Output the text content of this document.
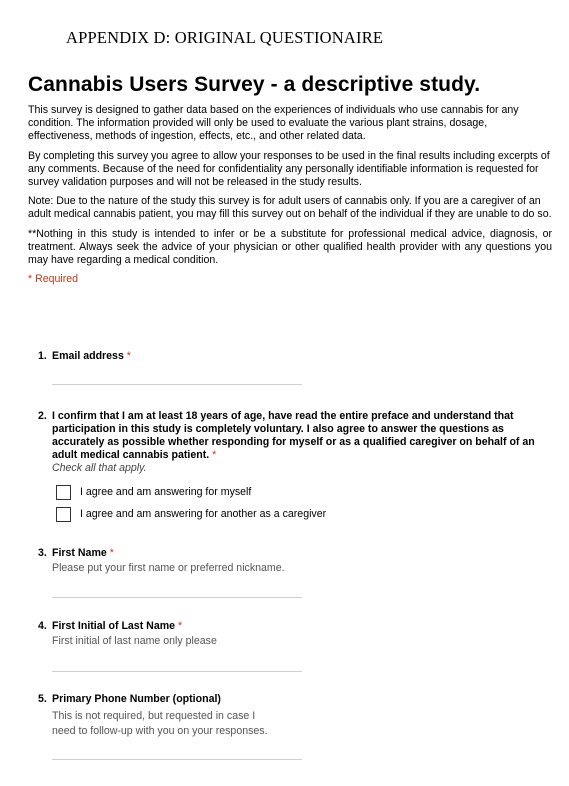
APPENDIX D: ORIGINAL QUESTIONAIRE
Cannabis Users Survey - a descriptive study.

This survey is designed to gather data based on the experiences of individuals who use cannabis for any condition. The information provided will only be used to evaluate the various plant strains, dosage, effectiveness, methods of ingestion, effects, etc., and other related data.

By completing this survey you agree to allow your responses to be used in the final results including excerpts of any comments. Because of the need for confidentiality any personally identifiable information is requested for survey validation purposes and will not be released in the study results.

Note: Due to the nature of the study this survey is for adult users of cannabis only. If you are a caregiver of an adult medical cannabis patient, you may fill this survey out on behalf of the individual if they are unable to do so.

**Nothing in this study is intended to infer or be a substitute for professional medical advice, diagnosis, or treatment. Always seek the advice of your physician or other qualified health provider with any questions you may have regarding a medical condition.

* Required
1. Email address *
2. I confirm that I am at least 18 years of age, have read the entire preface and understand that participation in this study is completely voluntary. I also agree to answer the questions as accurately as possible whether responding for myself or as a qualified caregiver on behalf of an adult medical cannabis patient. *
Check all that apply.
I agree and am answering for myself
I agree and am answering for another as a caregiver
3. First Name *
Please put your first name or preferred nickname.
4. First Initial of Last Name *
First initial of last name only please
5. Primary Phone Number (optional)
This is not required, but requested in case I
need to follow-up with you on your responses.
